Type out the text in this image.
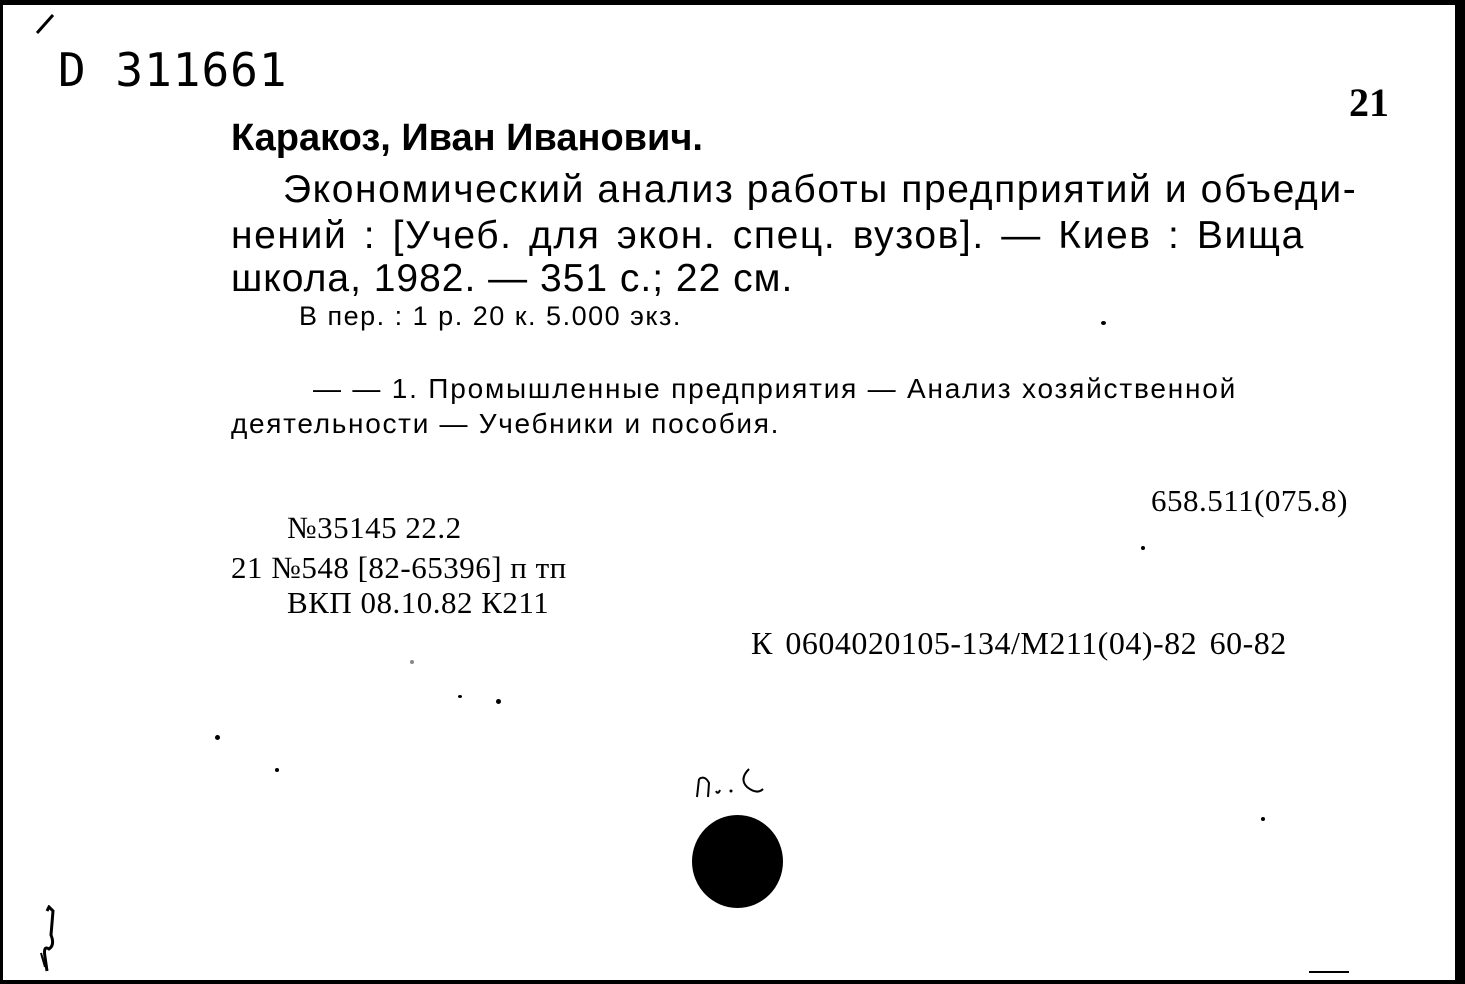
D 311661
21
Каракоз, Иван Иванович.
Экономический анализ работы предприятий и объеди-
нений : [Учеб. для экон. спец. вузов]. — Киев : Вища
школа, 1982. — 351 с.; 22 см.
В пер. : 1 р. 20 к. 5.000 экз.
— — 1. Промышленные предприятия — Анализ хозяйственной
деятельности — Учебники и пособия.
658.511(075.8)
№35145 22.2
21 №548 [82-65396] п тп
ВКП 08.10.82 К211
К 0604020105-134/М211(04)-82 60-82
